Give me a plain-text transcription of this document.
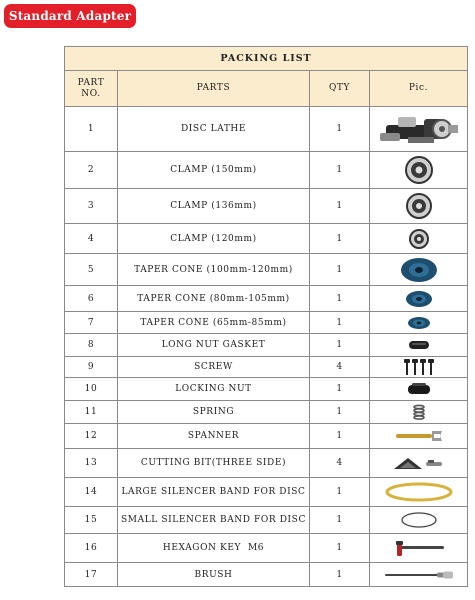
Standard Adapter
PACKING LIST			
PART NO.	PARTS	QTY	Pic.
1	DISC LATHE	1	

2	CLAMP (150mm)	1	

3	CLAMP (136mm)	1	

4	CLAMP (120mm)	1	

5	TAPER CONE (100mm-120mm)	1	

6	TAPER CONE (80mm-105mm)	1	

7	TAPER CONE (65mm-85mm)	1	

8	LONG NUT GASKET	1	

9	SCREW	4	

10	LOCKING NUT	1	

11	SPRING	1	

12	SPANNER	1	

13	CUTTING BIT(THREE SIDE)	4	

14	LARGE SILENCER BAND FOR DISC	1	

15	SMALL SILENCER BAND FOR DISC	1	

16	HEXAGON KEY  M6	1	

17	BRUSH	1	
